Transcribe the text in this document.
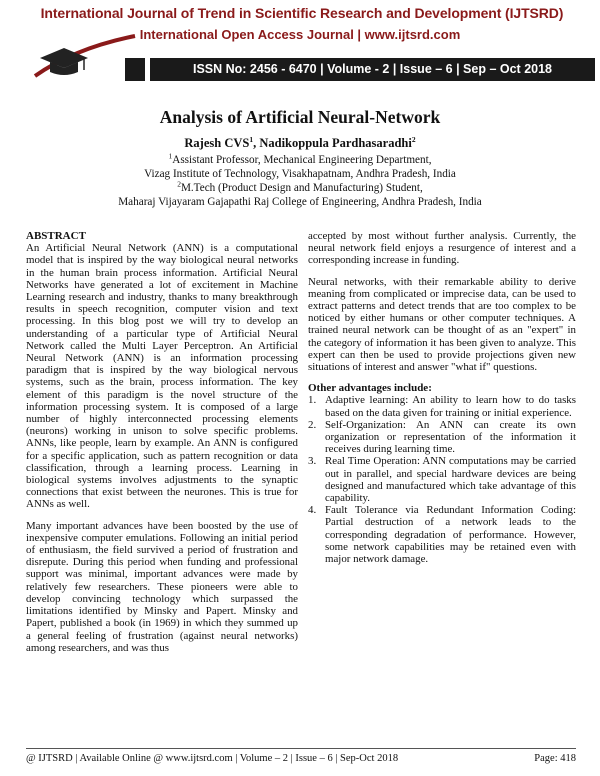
International Journal of Trend in Scientific Research and Development (IJTSRD)
International Open Access Journal | www.ijtsrd.com
ISSN No: 2456 - 6470 | Volume - 2 | Issue – 6 | Sep – Oct 2018
Analysis of Artificial Neural-Network
Rajesh CVS$^1$, Nadikoppula Pardhasaradhi$^2$
$^1$Assistant Professor, Mechanical Engineering Department,
Vizag Institute of Technology, Visakhapatnam, Andhra Pradesh, India
$^2$M.Tech (Product Design and Manufacturing) Student,
Maharaj Vijayaram Gajapathi Raj College of Engineering, Andhra Pradesh, India

ABSTRACT

An Artificial Neural Network (ANN) is a computational model that is inspired by the way biological neural networks in the human brain process information. Artificial Neural Networks have generated a lot of excitement in Machine Learning research and industry, thanks to many breakthrough results in speech recognition, computer vision and text processing. In this blog post we will try to develop an understanding of a particular type of Artificial Neural Network called the Multi Layer Perceptron. An Artificial Neural Network (ANN) is an information processing paradigm that is inspired by the way biological nervous systems, such as the brain, process information. The key element of this paradigm is the novel structure of the information processing system. It is composed of a large number of highly interconnected processing elements (neurons) working in unison to solve specific problems. ANNs, like people, learn by example. An ANN is configured for a specific application, such as pattern recognition or data classification, through a learning process. Learning in biological systems involves adjustments to the synaptic connections that exist between the neurones. This is true for ANNs as well.

Many important advances have been boosted by the use of inexpensive computer emulations. Following an initial period of enthusiasm, the field survived a period of frustration and disrepute. During this period when funding and professional support was minimal, important advances were made by relatively few researchers. These pioneers were able to develop convincing technology which surpassed the limitations identified by Minsky and Papert. Minsky and Papert, published a book (in 1969) in which they summed up a general feeling of frustration (against neural networks) among researchers, and was thus

accepted by most without further analysis. Currently, the neural network field enjoys a resurgence of interest and a corresponding increase in funding.

Neural networks, with their remarkable ability to derive meaning from complicated or imprecise data, can be used to extract patterns and detect trends that are too complex to be noticed by either humans or other computer techniques. A trained neural network can be thought of as an "expert" in the category of information it has been given to analyze. This expert can then be used to provide projections given new situations of interest and answer "what if" questions.

Other advantages include:

1. Adaptive learning: An ability to learn how to do tasks based on the data given for training or initial experience.
2. Self-Organization: An ANN can create its own organization or representation of the information it receives during learning time.
3. Real Time Operation: ANN computations may be carried out in parallel, and special hardware devices are being designed and manufactured which take advantage of this capability.
4. Fault Tolerance via Redundant Information Coding: Partial destruction of a network leads to the corresponding degradation of performance. However, some network capabilities may be retained even with major network damage.
@ IJTSRD | Available Online @ www.ijtsrd.com | Volume – 2 | Issue – 6 | Sep-Oct 2018	Page: 418
